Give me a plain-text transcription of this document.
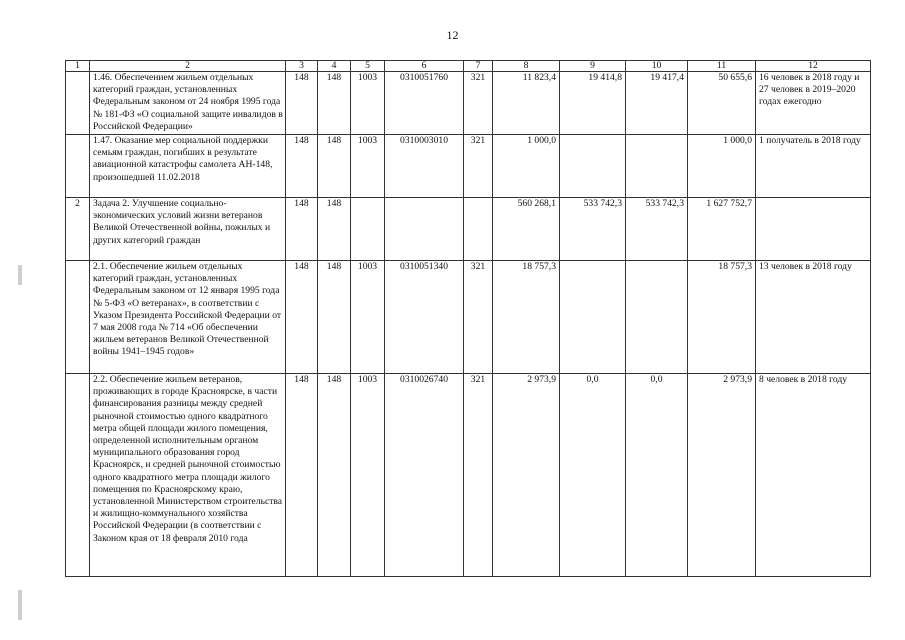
12
1	2	3	4	5	6	7	8	9	10	11	12
	1.46. Обеспечением жильем отдельных категорий граждан, установленных Федеральным законом от 24 ноября 1995 года № 181-ФЗ «О социальной защите инвалидов в Российской Федерации»	148	148	1003	0310051760	321	11 823,4	19 414,8	19 417,4	50 655,6	16 человек в 2018 году и 27 человек в 2019–2020 годах ежегодно
	1.47. Оказание мер социальной поддержки семьям граждан, погибших в результате авиационной катастрофы самолета АН-148, произошедшей 11.02.2018	148	148	1003	0310003010	321	1 000,0			1 000,0	1 получатель в 2018 году
2	Задача 2. Улучшение социально-экономических условий жизни ветеранов Великой Отечественной войны, пожилых и других категорий граждан	148	148				560 268,1	533 742,3	533 742,3	1 627 752,7	
	2.1. Обеспечение жильем отдельных категорий граждан, установленных Федеральным законом от 12 января 1995 года № 5-ФЗ «О ветеранах», в соответствии с Указом Президента Российской Федерации от 7 мая 2008 года № 714 «Об обеспечении жильем ветеранов Великой Отечественной войны 1941–1945 годов»	148	148	1003	0310051340	321	18 757,3			18 757,3	13 человек в 2018 году
	2.2. Обеспечение жильем ветеранов, проживающих в городе Красноярске, в части финансирования разницы между средней рыночной стоимостью одного квадратного метра общей площади жилого помещения, определенной исполнительным органом муниципального образования город Красноярск, и средней рыночной стоимостью одного квадратного метра площади жилого помещения по Красноярскому краю, установленной Министерством строительства и жилищно-коммунального хозяйства Российской Федерации (в соответствии с Законом края от 18 февраля 2010 года	148	148	1003	0310026740	321	2 973,9	0,0	0,0	2 973,9	8 человек в 2018 году
